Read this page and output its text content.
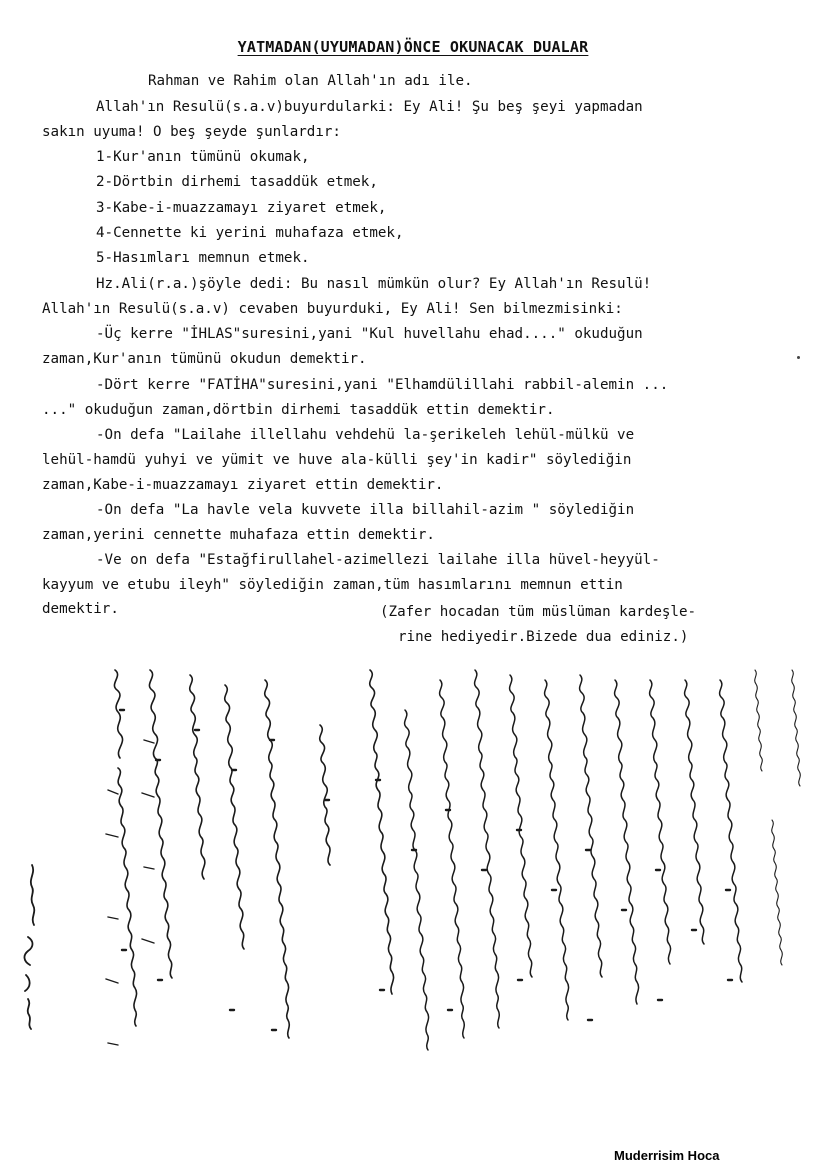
YATMADAN(UYUMADAN)ÖNCE OKUNACAK DUALAR
Rahman ve Rahim olan Allah'ın adı ile.
Allah'ın Resulü(s.a.v)buyurdularki: Ey Ali! Şu beş şeyi yapmadan
sakın uyuma! O beş şeyde şunlardır:
1-Kur'anın tümünü okumak,
2-Dörtbin dirhemi tasaddük etmek,
3-Kabe-i-muazzamayı ziyaret etmek,
4-Cennette ki yerini muhafaza etmek,
5-Hasımları memnun etmek.
Hz.Ali(r.a.)şöyle dedi: Bu nasıl mümkün olur? Ey Allah'ın Resulü!
Allah'ın Resulü(s.a.v) cevaben buyurduki, Ey Ali! Sen bilmezmisinki:
-Üç kerre "İHLAS"suresini,yani "Kul huvellahu ehad...." okuduğun
zaman,Kur'anın tümünü okudun demektir.
-Dört kerre "FATİHA"suresini,yani "Elhamdülillahi rabbil-alemin ...
..." okuduğun zaman,dörtbin dirhemi tasaddük ettin demektir.
-On defa "Lailahe illellahu vehdehü la-şerikeleh lehül-mülkü ve
lehül-hamdü yuhyi ve yümit ve huve ala-külli şey'in kadir" söylediğin
zaman,Kabe-i-muazzamayı ziyaret ettin demektir.
-On defa "La havle vela kuvvete illa billahil-azim " söylediğin
zaman,yerini cennette muhafaza ettin demektir.
-Ve on defa "Estağfirullahel-azimellezi lailahe illa hüvel-heyyül-
kayyum ve etubu ileyh" söylediğin zaman,tüm hasımlarını memnun ettin
demektir.	(Zafer hocadan tüm müslüman kardeşle-
rine hediyedir.Bizede dua ediniz.)
Muderrisim Hoca
